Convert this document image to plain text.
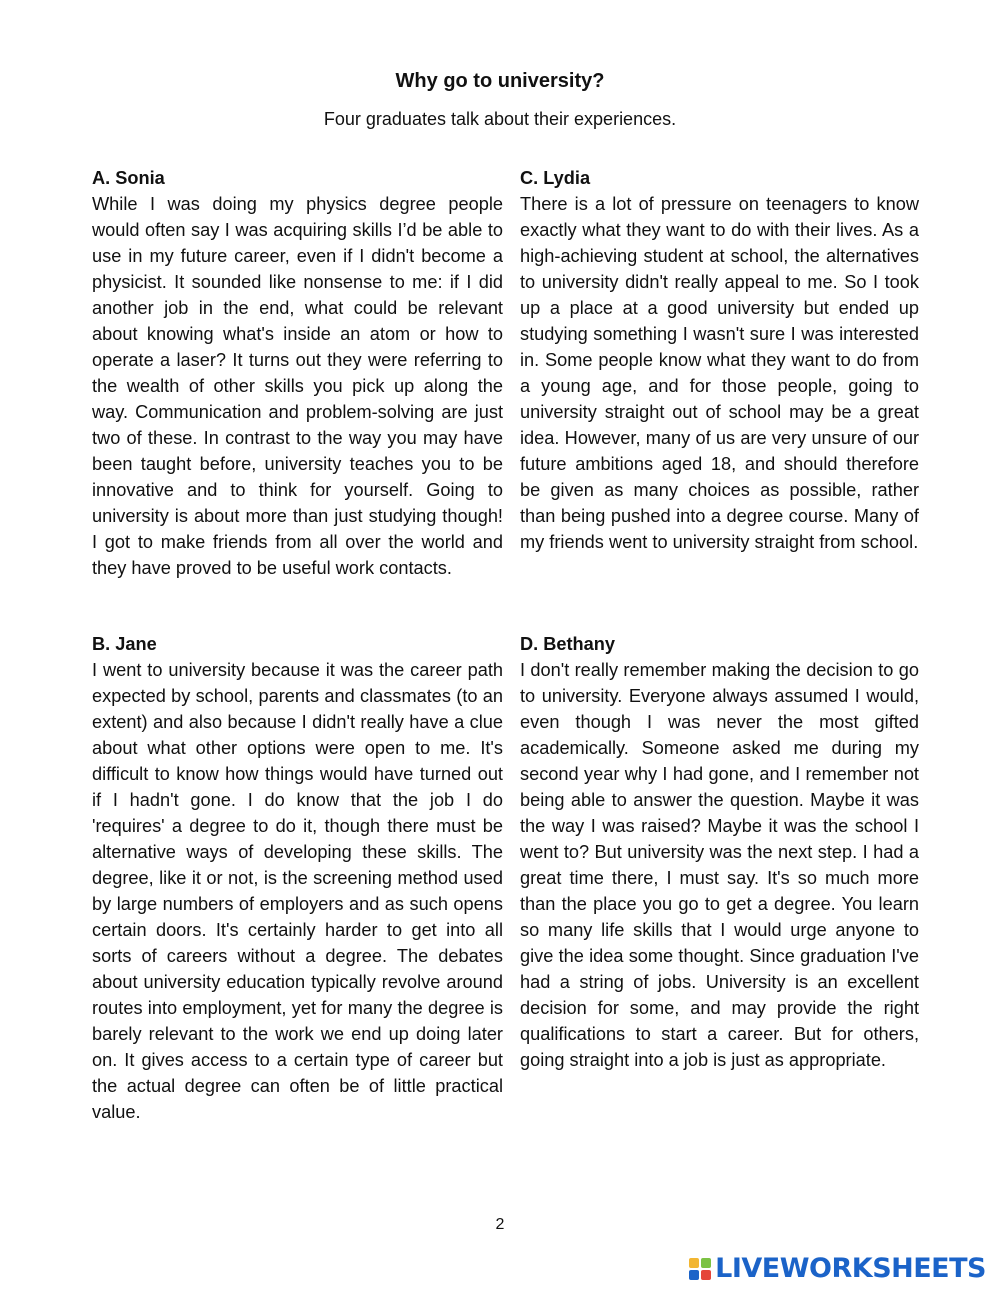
Why go to university?
Four graduates talk about their experiences.
A. Sonia
While I was doing my physics degree people would often say I was acquiring skills I’d be able to use in my future career, even if I didn't become a physicist. It sounded like nonsense to me: if I did another job in the end, what could be relevant about knowing what's inside an atom or how to operate a laser? It turns out they were referring to the wealth of other skills you pick up along the way. Communication and problem-solving are just two of these. In contrast to the way you may have been taught before, university teaches you to be innovative and to think for yourself. Going to university is about more than just studying though! I got to make friends from all over the world and they have proved to be useful work contacts.
C. Lydia
There is a lot of pressure on teenagers to know exactly what they want to do with their lives. As a high-achieving student at school, the alternatives to university didn't really appeal to me. So I took up a place at a good university but ended up studying something I wasn't sure I was interested in. Some people know what they want to do from a young age, and for those people, going to university straight out of school may be a great idea. However, many of us are very unsure of our future ambitions aged 18, and should therefore be given as many choices as possible, rather than being pushed into a degree course. Many of my friends went to university straight from school.
B. Jane
I went to university because it was the career path expected by school, parents and classmates (to an extent) and also because I didn't really have a clue about what other options were open to me. It's difficult to know how things would have turned out if I hadn't gone. I do know that the job I do 'requires' a degree to do it, though there must be alternative ways of developing these skills. The degree, like it or not, is the screening method used by large numbers of employers and as such opens certain doors. It's certainly harder to get into all sorts of careers without a degree. The debates about university education typically revolve around routes into employment, yet for many the degree is barely relevant to the work we end up doing later on. It gives access to a certain type of career but the actual degree can often be of little practical value.
D. Bethany
I don't really remember making the decision to go to university. Everyone always assumed I would, even though I was never the most gifted academically. Someone asked me during my second year why I had gone, and I remember not being able to answer the question. Maybe it was the way I was raised? Maybe it was the school I went to? But university was the next step. I had a great time there, I must say. It's so much more than the place you go to get a degree. You learn so many life skills that I would urge anyone to give the idea some thought. Since graduation I've had a string of jobs. University is an excellent decision for some, and may provide the right qualifications to start a career. But for others, going straight into a job is just as appropriate.
2
LIVEWORKSHEETS
